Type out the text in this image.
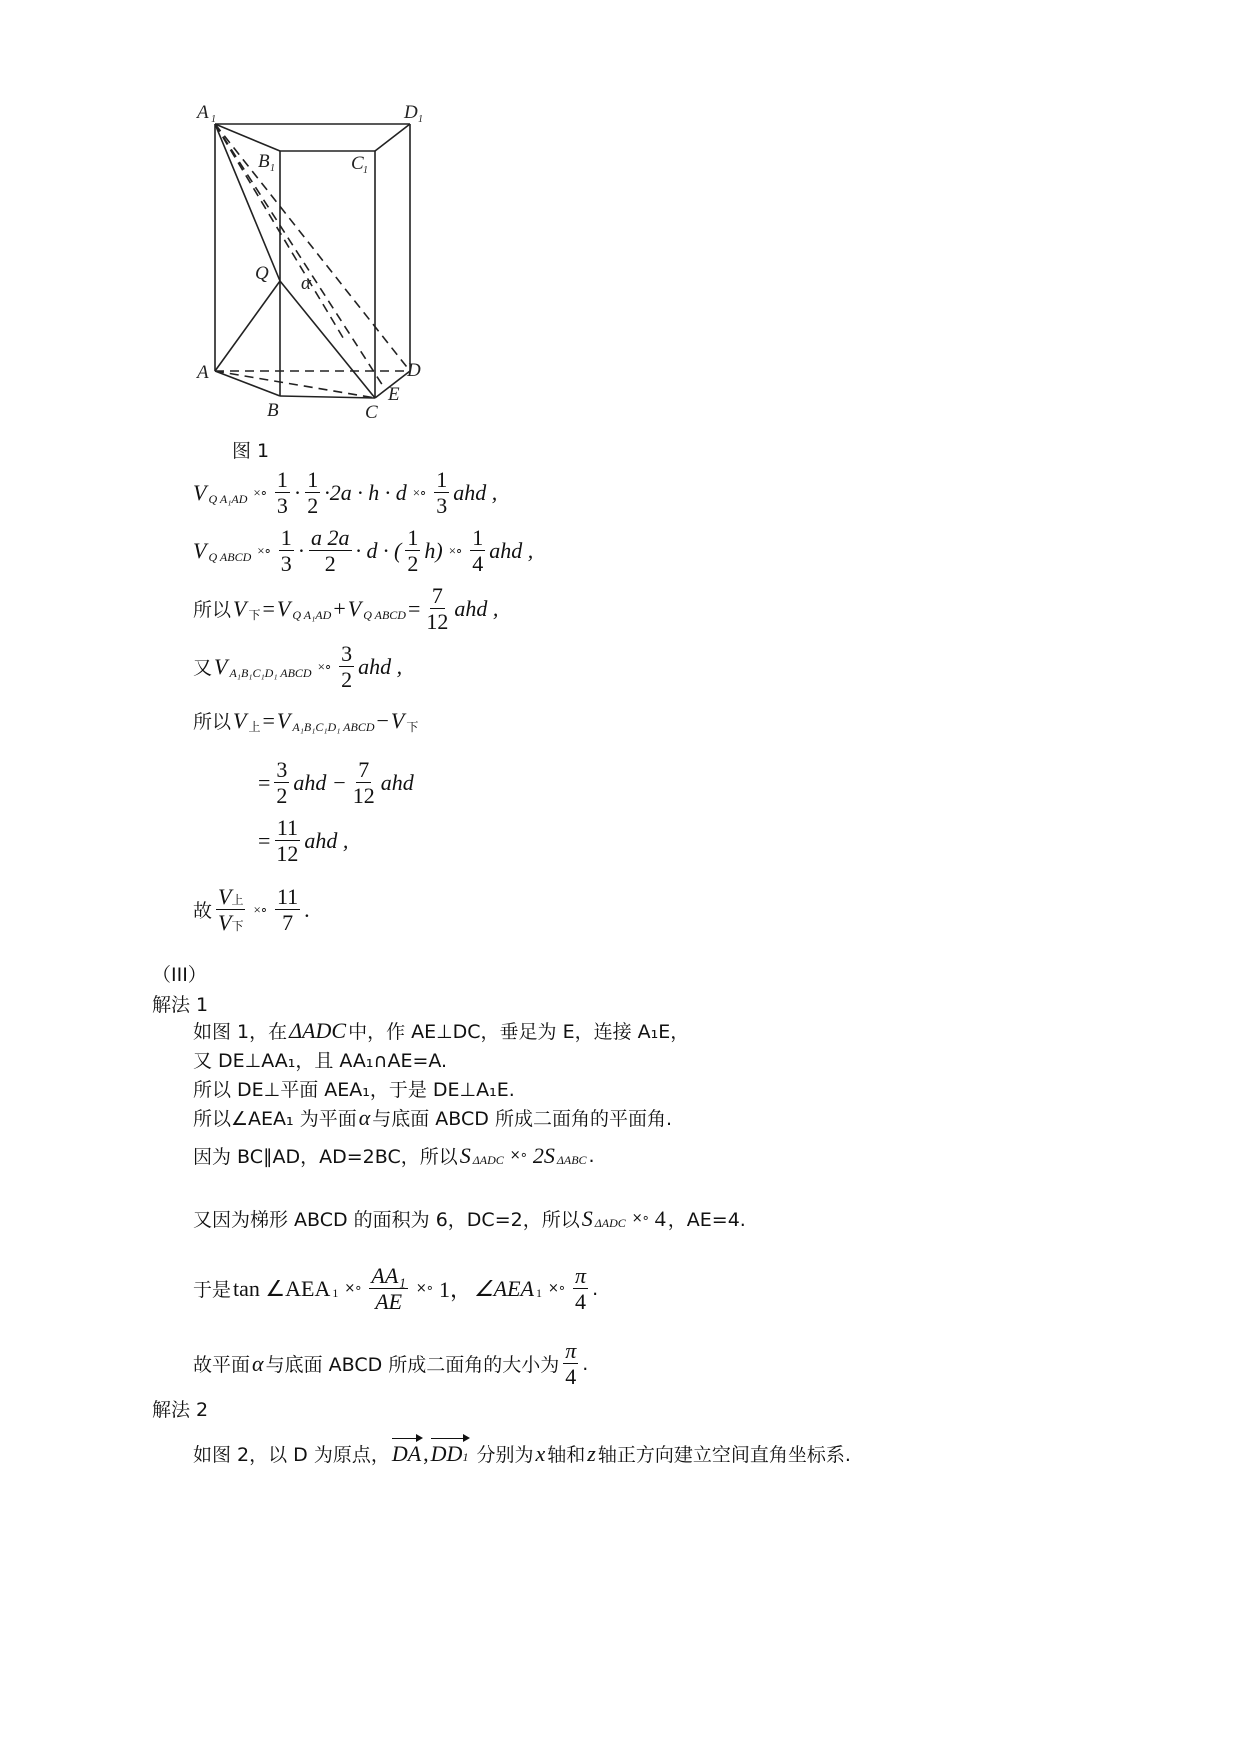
A 1	D 1
B 1	C 1
Q α
A
B	C
D
E
图 1
V Q A₁AD ×∘ $\frac{1}{3} \cdot \frac{1}{2} \cdot 2a \cdot h \cdot d$ ×∘ $\frac{1}{3}$ ahd ,
V Q ABCD ×∘ $\frac{1}{3} \cdot \frac{a 2a}{2} \cdot d$ · ( $\frac{1}{2} h$) ×∘ $\frac{1}{4}$ ahd ,
所以 V 下 = V Q A₁AD + V Q ABCD = $\frac{7}{12}$ ahd ,
又 V A₁B₁C₁D₁ ABCD ×∘ $\frac{3}{2}$ ahd ,
所以 V 上 = V A₁B₁C₁D₁ ABCD − V 下
= $\frac{3}{2}$ ahd − $\frac{7}{12}$ ahd
= $\frac{11}{12}$ ahd ,
故 $\frac{\text{V上}}{\text{V下}}$ ×∘ $\frac{11}{7}$ .
（III）
解法 1
如图 1，在 ΔADC 中，作 AE⊥DC，垂足为 E，连接 A₁E，
又 DE⊥AA₁，且 AA₁∩AE=A.
所以 DE⊥平面 AEA₁，于是 DE⊥A₁E.
所以∠AEA₁ 为平面 α 与底面 ABCD 所成二面角的平面角.
因为 BC∥AD，AD=2BC，所以 S ΔADC ×∘ 2S ΔABC .
又因为梯形 ABCD 的面积为 6，DC=2，所以 S ΔADC ×∘ 4 ，AE=4.
于是 tan ∠AEA 1 ×∘ $\frac{\text{AA₁}}{AE}$ ×∘ 1， ∠AEA 1 ×∘ $\frac{\pi}{4}$ .
故平面 α 与底面 ABCD 所成二面角的大小为 $\frac{\pi}{4}$ .
解法 2
如图 2，以 D 为原点， DA , DD1 分别为 x 轴和 z 轴正方向建立空间直角坐标系.
